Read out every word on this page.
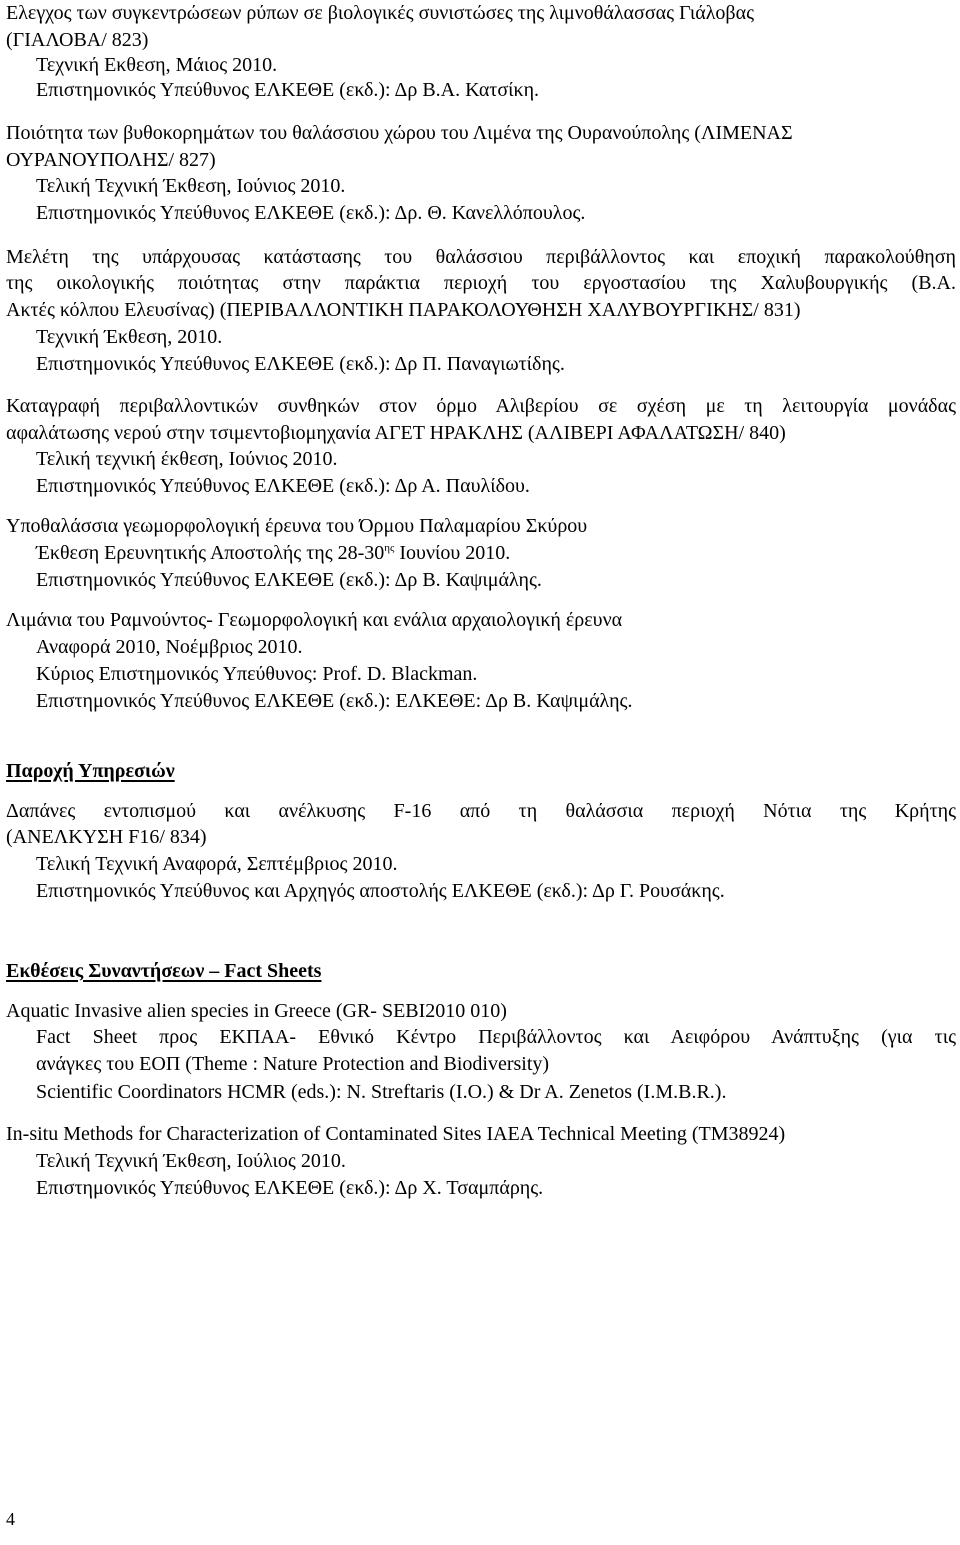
Ελεγχος των συγκεντρώσεων ρύπων σε βιολογικές συνιστώσες της λιμνοθάλασσας Γιάλοβας
(ΓΙΑΛΟΒΑ/ 823)
Τεχνική Εκθεση, Μάιος 2010.
Επιστημονικός Υπεύθυνος ΕΛΚΕΘΕ (εκδ.): Δρ Β.Α. Κατσίκη.
Ποιότητα των βυθοκορημάτων του θαλάσσιου χώρου του Λιμένα της Ουρανούπολης (ΛΙΜΕΝΑΣ
ΟΥΡΑΝΟΥΠΟΛΗΣ/ 827)
Τελική Τεχνική Έκθεση, Ιούνιος 2010.
Επιστημονικός Υπεύθυνος ΕΛΚΕΘΕ (εκδ.): Δρ. Θ. Κανελλόπουλος.
Μελέτη της υπάρχουσας κατάστασης του θαλάσσιου περιβάλλοντος και εποχική παρακολούθηση
της οικολογικής ποιότητας στην παράκτια περιοχή του εργοστασίου της Χαλυβουργικής (Β.Α.
Ακτές κόλπου Ελευσίνας) (ΠΕΡΙΒΑΛΛΟΝΤΙΚΗ ΠΑΡΑΚΟΛΟΥΘΗΣΗ ΧΑΛΥΒΟΥΡΓΙΚΗΣ/ 831)
Τεχνική Έκθεση, 2010.
Επιστημονικός Υπεύθυνος ΕΛΚΕΘΕ (εκδ.): Δρ Π. Παναγιωτίδης.
Καταγραφή περιβαλλοντικών συνθηκών στον όρμο Αλιβερίου σε σχέση με τη λειτουργία μονάδας
αφαλάτωσης νερού στην τσιμεντοβιομηχανία ΑΓΕΤ ΗΡΑΚΛΗΣ (ΑΛΙΒΕΡΙ ΑΦΑΛΑΤΩΣΗ/ 840)
Τελική τεχνική έκθεση, Ιούνιος 2010.
Επιστημονικός Υπεύθυνος ΕΛΚΕΘΕ (εκδ.): Δρ Α. Παυλίδου.
Υποθαλάσσια γεωμορφολογική έρευνα του Όρμου Παλαμαρίου Σκύρου
Έκθεση Ερευνητικής Αποστολής της $28-30^{\eta\varsigma}$ Ιουνίου 2010.
Επιστημονικός Υπεύθυνος ΕΛΚΕΘΕ (εκδ.): Δρ Β. Καψιμάλης.
Λιμάνια του Ραμνούντος- Γεωμορφολογική και ενάλια αρχαιολογική έρευνα
Αναφορά 2010, Νοέμβριος 2010.
Κύριος Επιστημονικός Υπεύθυνος: Prof. D. Blackman.
Επιστημονικός Υπεύθυνος ΕΛΚΕΘΕ (εκδ.): ΕΛΚΕΘΕ: Δρ Β. Καψιμάλης.
Παροχή Υπηρεσιών
Δαπάνες εντοπισμού και ανέλκυσης F-16 από τη θαλάσσια περιοχή Νότια της Κρήτης
(ΑΝΕΛΚΥΣΗ F16/ 834)
Τελική Τεχνική Αναφορά, Σεπτέμβριος 2010.
Επιστημονικός Υπεύθυνος και Αρχηγός αποστολής ΕΛΚΕΘΕ (εκδ.): Δρ Γ. Ρουσάκης.
Εκθέσεις Συναντήσεων – Fact Sheets
Aquatic Invasive alien species in Greece (GR- SEBI2010 010)
Fact Sheet προς ΕΚΠΑΑ- Εθνικό Κέντρο Περιβάλλοντος και Αειφόρου Ανάπτυξης (για τις
ανάγκες του ΕΟΠ (Theme : Nature Protection and Biodiversity)
Scientific Coordinators HCMR (eds.): N. Streftaris (I.O.) & Dr A. Zenetos (I.M.B.R.).
In-situ Methods for Characterization of Contaminated Sites IAEA Technical Meeting (TM38924)
Τελική Τεχνική Έκθεση, Ιούλιος 2010.
Επιστημονικός Υπεύθυνος ΕΛΚΕΘΕ (εκδ.): Δρ Χ. Τσαμπάρης.
4
